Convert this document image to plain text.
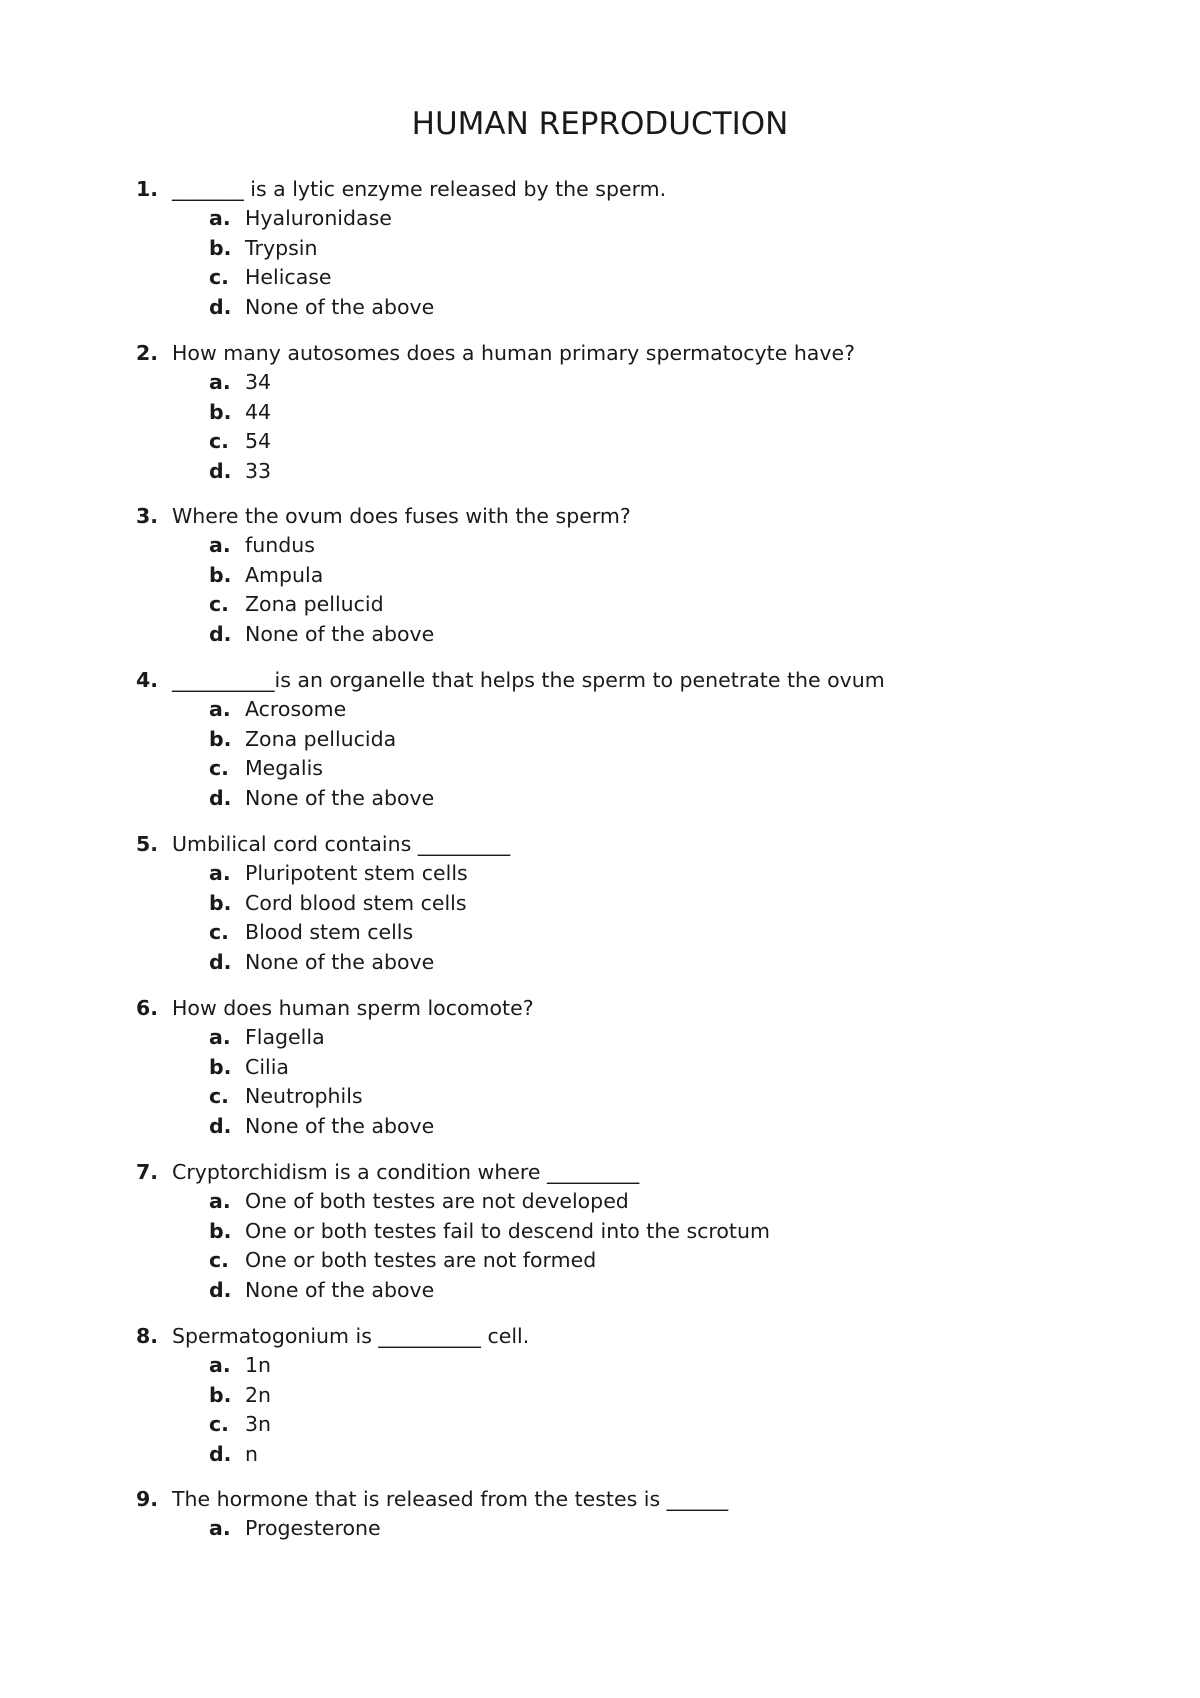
HUMAN REPRODUCTION
1. _______ is a lytic enzyme released by the sperm.
a. Hyaluronidase
b. Trypsin
c. Helicase
d. None of the above
2. How many autosomes does a human primary spermatocyte have?
a. 34
b. 44
c. 54
d. 33
3. Where the ovum does fuses with the sperm?
a. fundus
b. Ampula
c. Zona pellucid
d. None of the above
4. __________is an organelle that helps the sperm to penetrate the ovum
a. Acrosome
b. Zona pellucida
c. Megalis
d. None of the above
5. Umbilical cord contains _________
a. Pluripotent stem cells
b. Cord blood stem cells
c. Blood stem cells
d. None of the above
6. How does human sperm locomote?
a. Flagella
b. Cilia
c. Neutrophils
d. None of the above
7. Cryptorchidism is a condition where _________
a. One of both testes are not developed
b. One or both testes fail to descend into the scrotum
c. One or both testes are not formed
d. None of the above
8. Spermatogonium is __________ cell.
a. 1n
b. 2n
c. 3n
d. n
9. The hormone that is released from the testes is ______
a. Progesterone
